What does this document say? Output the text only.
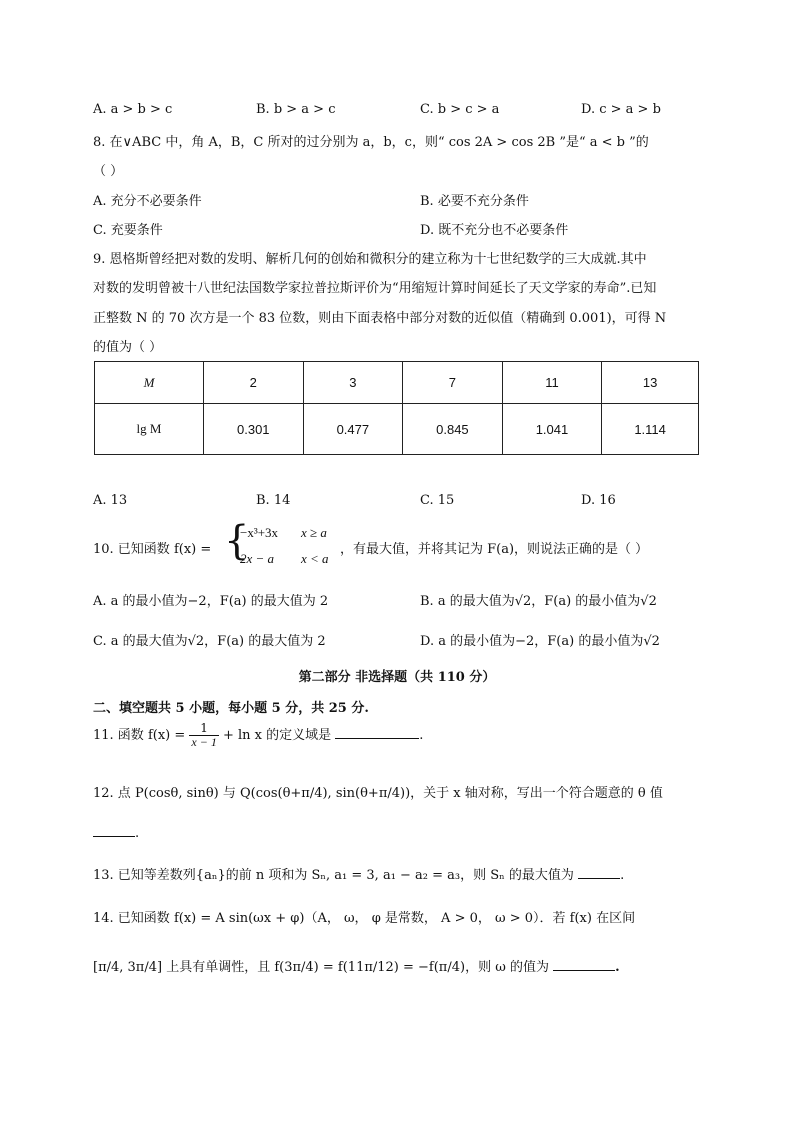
A. a > b > c	B. b > a > c	C. b > c > a	D. c > a > b
8. 在∨ABC 中，角 A，B，C 所对的过分别为 a，b，c，则“ cos 2A > cos 2B ”是“ a < b ”的
（ ）
A. 充分不必要条件	B. 必要不充分条件
C. 充要条件	D. 既不充分也不必要条件
9. 恩格斯曾经把对数的发明、解析几何的创始和微积分的建立称为十七世纪数学的三大成就.其中
对数的发明曾被十八世纪法国数学家拉普拉斯评价为“用缩短计算时间延长了天文学家的寿命”.已知
正整数 N 的 70 次方是一个 83 位数，则由下面表格中部分对数的近似值（精确到 0.001)，可得 N
的值为（ ）
M	2	3	7	11	13
lg M	0.301	0.477	0.845	1.041	1.114
A. 13	B. 14	C. 15	D. 16
10. 已知函数 f(x) = {
−x³+3x x ≥ a
2x − a x < a
，有最大值，并将其记为 F(a)，则说法正确的是（ ）
A. a 的最小值为−2，F(a) 的最大值为 2	B. a 的最大值为√2，F(a) 的最小值为√2
C. a 的最大值为√2，F(a) 的最大值为 2	D. a 的最小值为−2，F(a) 的最小值为√2
第二部分 非选择题（共 110 分）
二、填空题共 5 小题，每小题 5 分，共 25 分.
11. 函数 $f(x) = \frac{1}{x - 1} + \ln x$ 的定义域是	.
12. 点 P(cosθ, sinθ) 与 Q(cos(θ+π/4), sin(θ+π/4))，关于 x 轴对称，写出一个符合题意的 θ 值
.
13. 已知等差数列{aₙ}的前 n 项和为 Sₙ, a₁ = 3, a₁ − a₂ = a₃，则 Sₙ 的最大值为	.
14. 已知函数 f(x) = A sin(ωx + φ)（A， ω， φ 是常数， A > 0， ω > 0）．若 f(x) 在区间
[π/4, 3π/4] 上具有单调性，且 f(3π/4) = f(11π/12) = −f(π/4)，则 ω 的值为	.
